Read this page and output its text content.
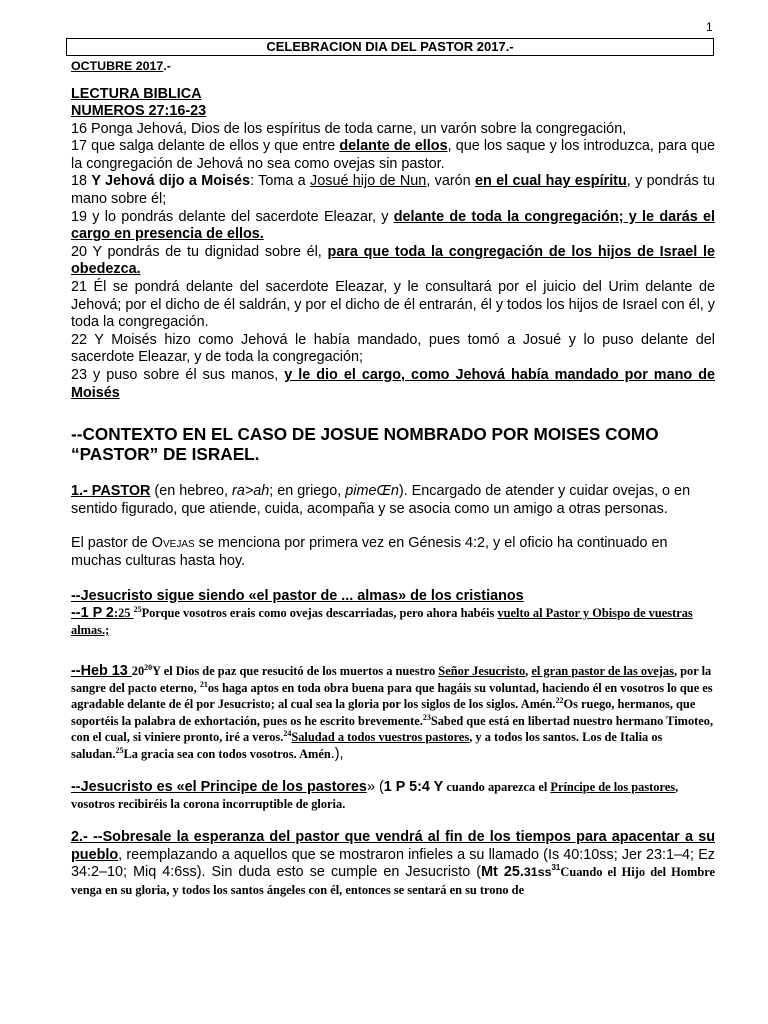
1
CELEBRACION DIA DEL PASTOR 2017.-

OCTUBRE 2017.-

LECTURA BIBLICA

NUMEROS 27:16-23

16 Ponga Jehová, Dios de los espíritus de toda carne, un varón sobre la congregación,

17 que salga delante de ellos y que entre delante de ellos, que los saque y los introduzca, para que la congregación de Jehová no sea como ovejas sin pastor.

18 Y Jehová dijo a Moisés: Toma a Josué hijo de Nun, varón en el cual hay espíritu, y pondrás tu mano sobre él;

19 y lo pondrás delante del sacerdote Eleazar, y delante de toda la congregación; y le darás el cargo en presencia de ellos.

20 Y pondrás de tu dignidad sobre él, para que toda la congregación de los hijos de Israel le obedezca.

21 Él se pondrá delante del sacerdote Eleazar, y le consultará por el juicio del Urim delante de Jehová; por el dicho de él saldrán, y por el dicho de él entrarán, él y todos los hijos de Israel con él, y toda la congregación.

22 Y Moisés hizo como Jehová le había mandado, pues tomó a Josué y lo puso delante del sacerdote Eleazar, y de toda la congregación;

23 y puso sobre él sus manos, y le dio el cargo, como Jehová había mandado por mano de Moisés

--CONTEXTO EN EL CASO DE JOSUE NOMBRADO POR MOISES COMO “PASTOR” DE ISRAEL.

1.- PASTOR (en hebreo, ra>ah; en griego, pimeŒn). Encargado de atender y cuidar ovejas, o en sentido figurado, que atiende, cuida, acompaña y se asocia como un amigo a otras personas.

El pastor de Ovejas se menciona por primera vez en Génesis 4:2, y el oficio ha continuado en muchas culturas hasta hoy.

--Jesucristo sigue siendo «el pastor de ... almas» de los cristianos

--1 P 2:25 $^{25}$Porque vosotros erais como ovejas descarriadas, pero ahora habéis vuelto al Pastor y Obispo de vuestras almas.;

--Heb 13 $20^{20}Y$ el Dios de paz que resucitó de los muertos a nuestro Señor Jesucristo, el gran pastor de las ovejas, por la sangre del pacto eterno, $^{21}$os haga aptos en toda obra buena para que hagáis su voluntad, haciendo él en vosotros lo que es agradable delante de él por Jesucristo; al cual sea la gloria por los siglos de los siglos. Amén.$^{22}$Os ruego, hermanos, que soportéis la palabra de exhortación, pues os he escrito brevemente.$^{23}$Sabed que está en libertad nuestro hermano Timoteo, con el cual, si viniere pronto, iré a veros.$^{24}$Saludad a todos vuestros pastores, y a todos los santos. Los de Italia os saludan.$^{25}$La gracia sea con todos vosotros. Amén.),

--Jesucristo es «el Principe de los pastores» (1 P 5:4 Y cuando aparezca el Príncipe de los pastores, vosotros recibiréis la corona incorruptible de gloria.

2.- --Sobresale la esperanza del pastor que vendrá al fin de los tiempos para apacentar a su pueblo, reemplazando a aquellos que se mostraron infieles a su llamado (Is 40:10ss; Jer 23:1–4; Ez 34:2–10; Miq 4:6ss). Sin duda esto se cumple en Jesucristo (Mt $25.31ss^{31}Cuando$ el Hijo del Hombre venga en su gloria, y todos los santos ángeles con él, entonces se sentará en su trono de
